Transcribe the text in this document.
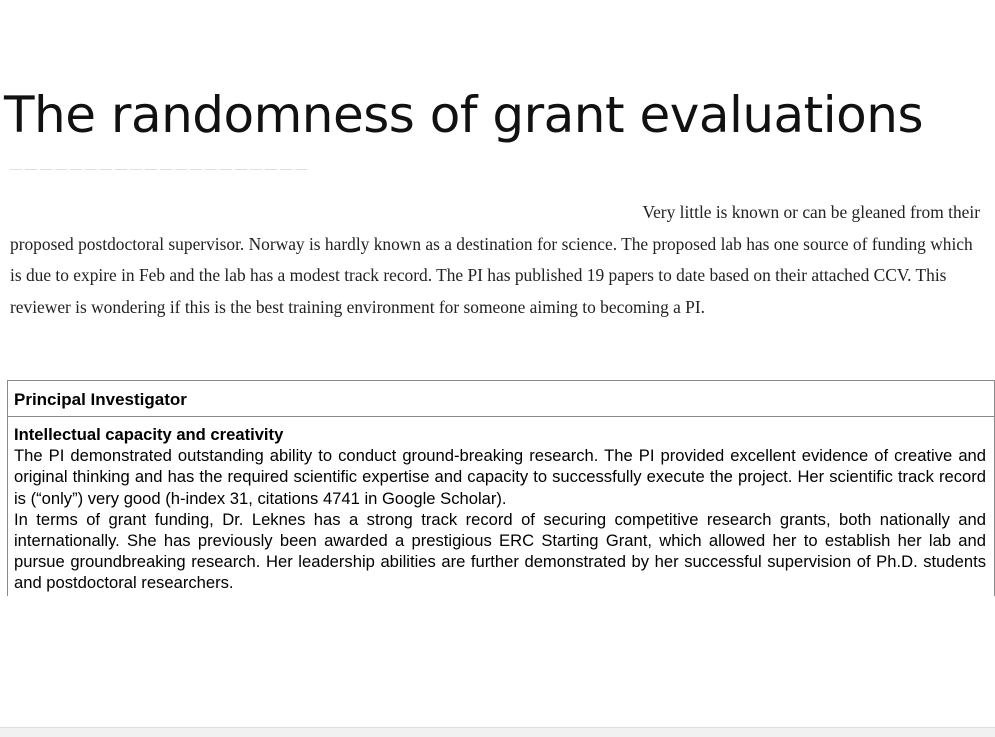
The randomness of grant evaluations
— — — — — — — — — — — — — — — — — — — —
Very little is known or can be gleaned from their
proposed postdoctoral supervisor. Norway is hardly known as a destination for science. The proposed lab has one source of funding which is due to expire in Feb and the lab has a modest track record. The PI has published 19 papers to date based on their attached CCV. This reviewer is wondering if this is the best training environment for someone aiming to becoming a PI.
Principal Investigator
Intellectual capacity and creativity

The PI demonstrated outstanding ability to conduct ground-breaking research. The PI provided excellent evidence of creative and original thinking and has the required scientific expertise and capacity to successfully execute the project. Her scientific track record is (“only”) very good (h-index 31, citations 4741 in Google Scholar).

In terms of grant funding, Dr. Leknes has a strong track record of securing competitive research grants, both nationally and internationally. She has previously been awarded a prestigious ERC Starting Grant, which allowed her to establish her lab and pursue groundbreaking research. Her leadership abilities are further demonstrated by her successful supervision of Ph.D. students and postdoctoral researchers.
